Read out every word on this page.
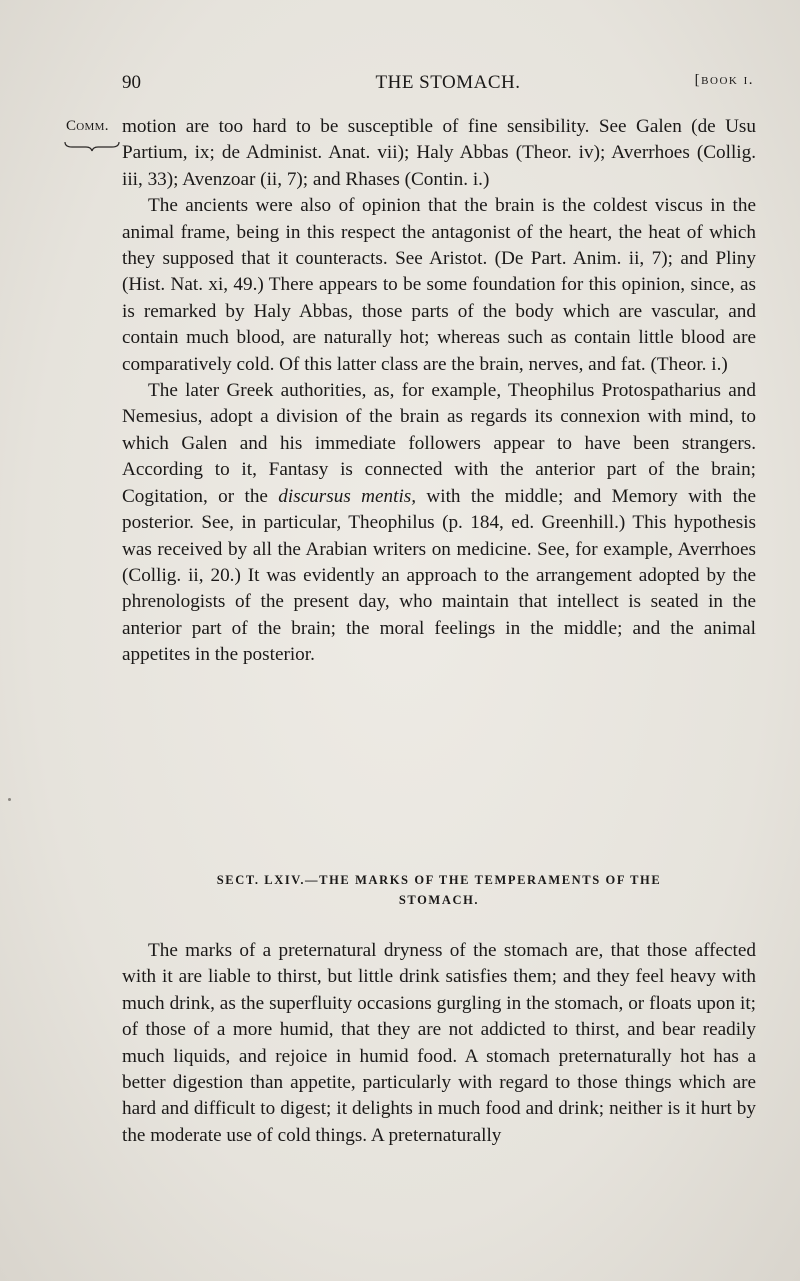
90	THE STOMACH.	[book i.
Comm. motion are too hard to be susceptible of fine sensibility. See Galen (de Usu Partium, ix; de Administ. Anat. vii); Haly Abbas (Theor. iv); Averrhoes (Collig. iii, 33); Avenzoar (ii, 7); and Rhases (Contin. i.)

The ancients were also of opinion that the brain is the coldest viscus in the animal frame, being in this respect the antagonist of the heart, the heat of which they supposed that it counteracts. See Aristot. (De Part. Anim. ii, 7); and Pliny (Hist. Nat. xi, 49.) There appears to be some foundation for this opinion, since, as is remarked by Haly Abbas, those parts of the body which are vascular, and contain much blood, are naturally hot; whereas such as contain little blood are comparatively cold. Of this latter class are the brain, nerves, and fat. (Theor. i.)

The later Greek authorities, as, for example, Theophilus Protospatharius and Nemesius, adopt a division of the brain as regards its connexion with mind, to which Galen and his immediate followers appear to have been strangers. According to it, Fantasy is connected with the anterior part of the brain; Cogitation, or the discursus mentis, with the middle; and Memory with the posterior. See, in particular, Theophilus (p. 184, ed. Greenhill.) This hypothesis was received by all the Arabian writers on medicine. See, for example, Averrhoes (Collig. ii, 20.) It was evidently an approach to the arrangement adopted by the phrenologists of the present day, who maintain that intellect is seated in the anterior part of the brain; the moral feelings in the middle; and the animal appetites in the posterior.

SECT. LXIV.—THE MARKS OF THE TEMPERAMENTS OF THE
STOMACH.

The marks of a preternatural dryness of the stomach are, that those affected with it are liable to thirst, but little drink satisfies them; and they feel heavy with much drink, as the superfluity occasions gurgling in the stomach, or floats upon it; of those of a more humid, that they are not addicted to thirst, and bear readily much liquids, and rejoice in humid food. A stomach preternaturally hot has a better digestion than appetite, particularly with regard to those things which are hard and difficult to digest; it delights in much food and drink; neither is it hurt by the moderate use of cold things. A preternaturally
